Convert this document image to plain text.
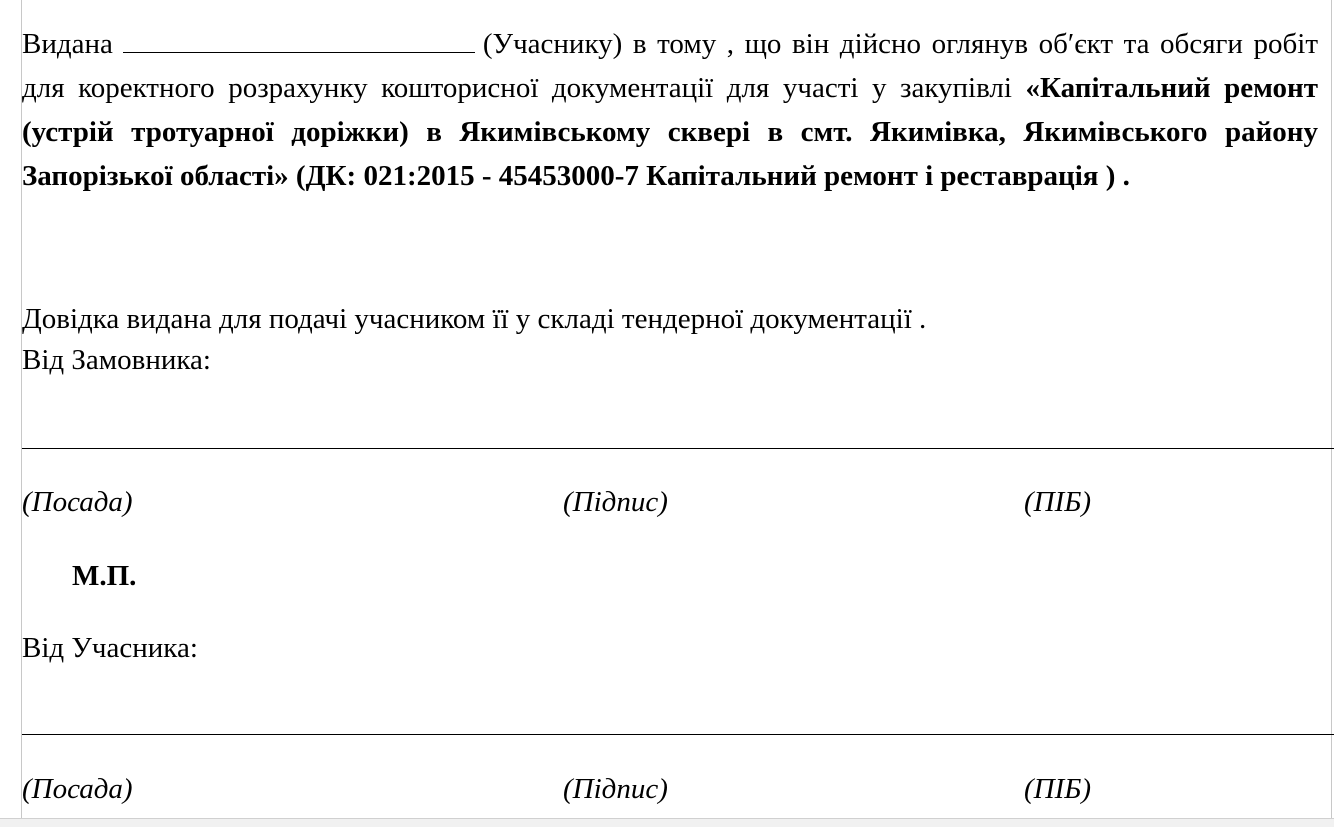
Видана	(Учаснику) в тому , що він дійсно оглянув об′єкт та обсяги робіт для коректного розрахунку кошторисної документації для участі у закупівлі «Капітальний ремонт (устрій тротуарної доріжки) в Якимівському сквері в смт. Якимівка, Якимівського району Запорізької області» (ДК: 021:2015 - 45453000-7 Капітальний ремонт і реставрація ) .

Довідка видана для подачі учасником її у складі тендерної документації .

Від Замовника:

(Посада)	(Підпис)	(ПІБ)

М.П.

Від Учасника:

(Посада)	(Підпис)	(ПІБ)
